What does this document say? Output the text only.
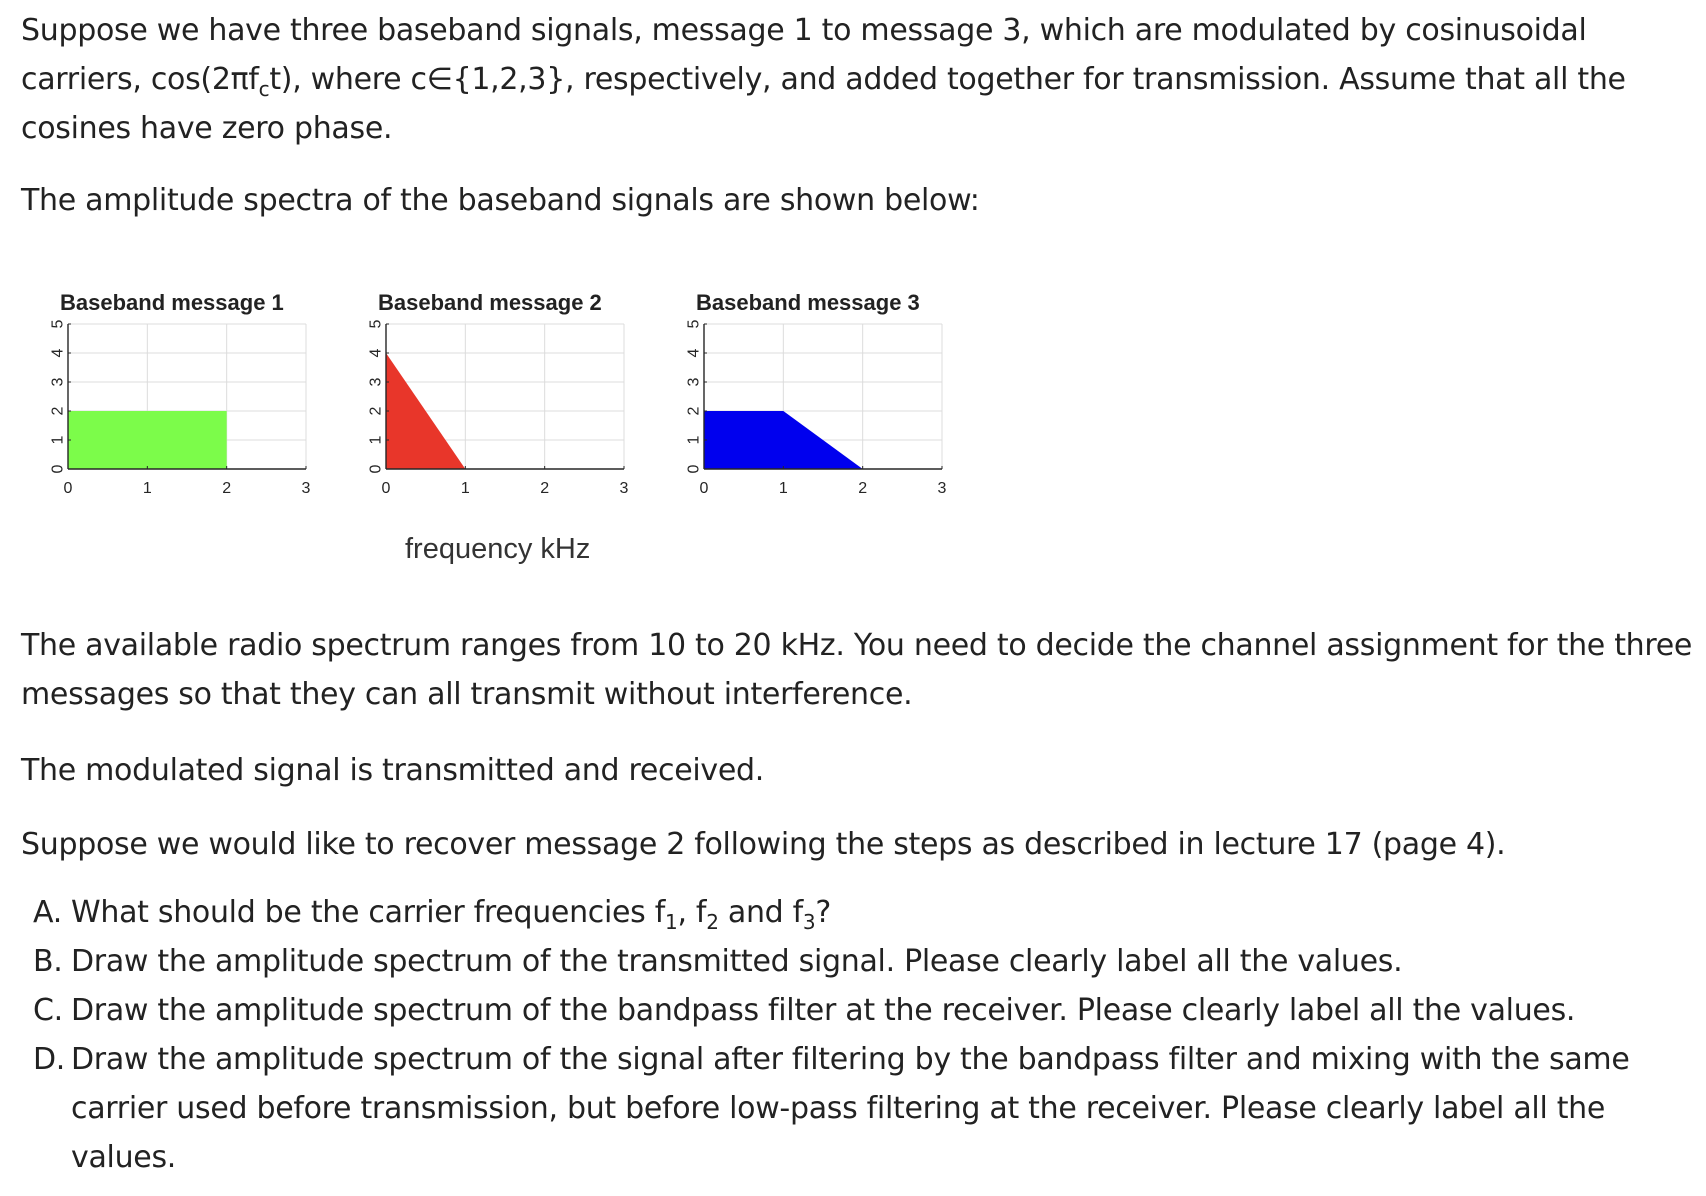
Suppose we have three baseband signals, message 1 to message 3, which are modulated by cosinusoidal carriers, $\cos(2\pi f_ct)$, where c∈{1,2,3}, respectively, and added together for transmission. Assume that all the cosines have zero phase.

The amplitude spectra of the baseband signals are shown below:

0	1	2	3
0
1
2
3
4
5
Baseband message 1
0	1	2	3
0
1
2
3
4
5
Baseband message 2
0	1	2	3
0
1
2
3
4
5
Baseband message 3
frequency kHz

The available radio spectrum ranges from 10 to 20 kHz. You need to decide the channel assignment for the three messages so that they can all transmit without interference.

The modulated signal is transmitted and received.

Suppose we would like to recover message 2 following the steps as described in lecture 17 (page 4).

A. What should be the carrier frequencies $f_1$, $f_2$ and $f_3$?
B. Draw the amplitude spectrum of the transmitted signal. Please clearly label all the values.
C. Draw the amplitude spectrum of the bandpass filter at the receiver. Please clearly label all the values.
D. Draw the amplitude spectrum of the signal after filtering by the bandpass filter and mixing with the same carrier used before transmission, but before low-pass filtering at the receiver. Please clearly label all the values.
